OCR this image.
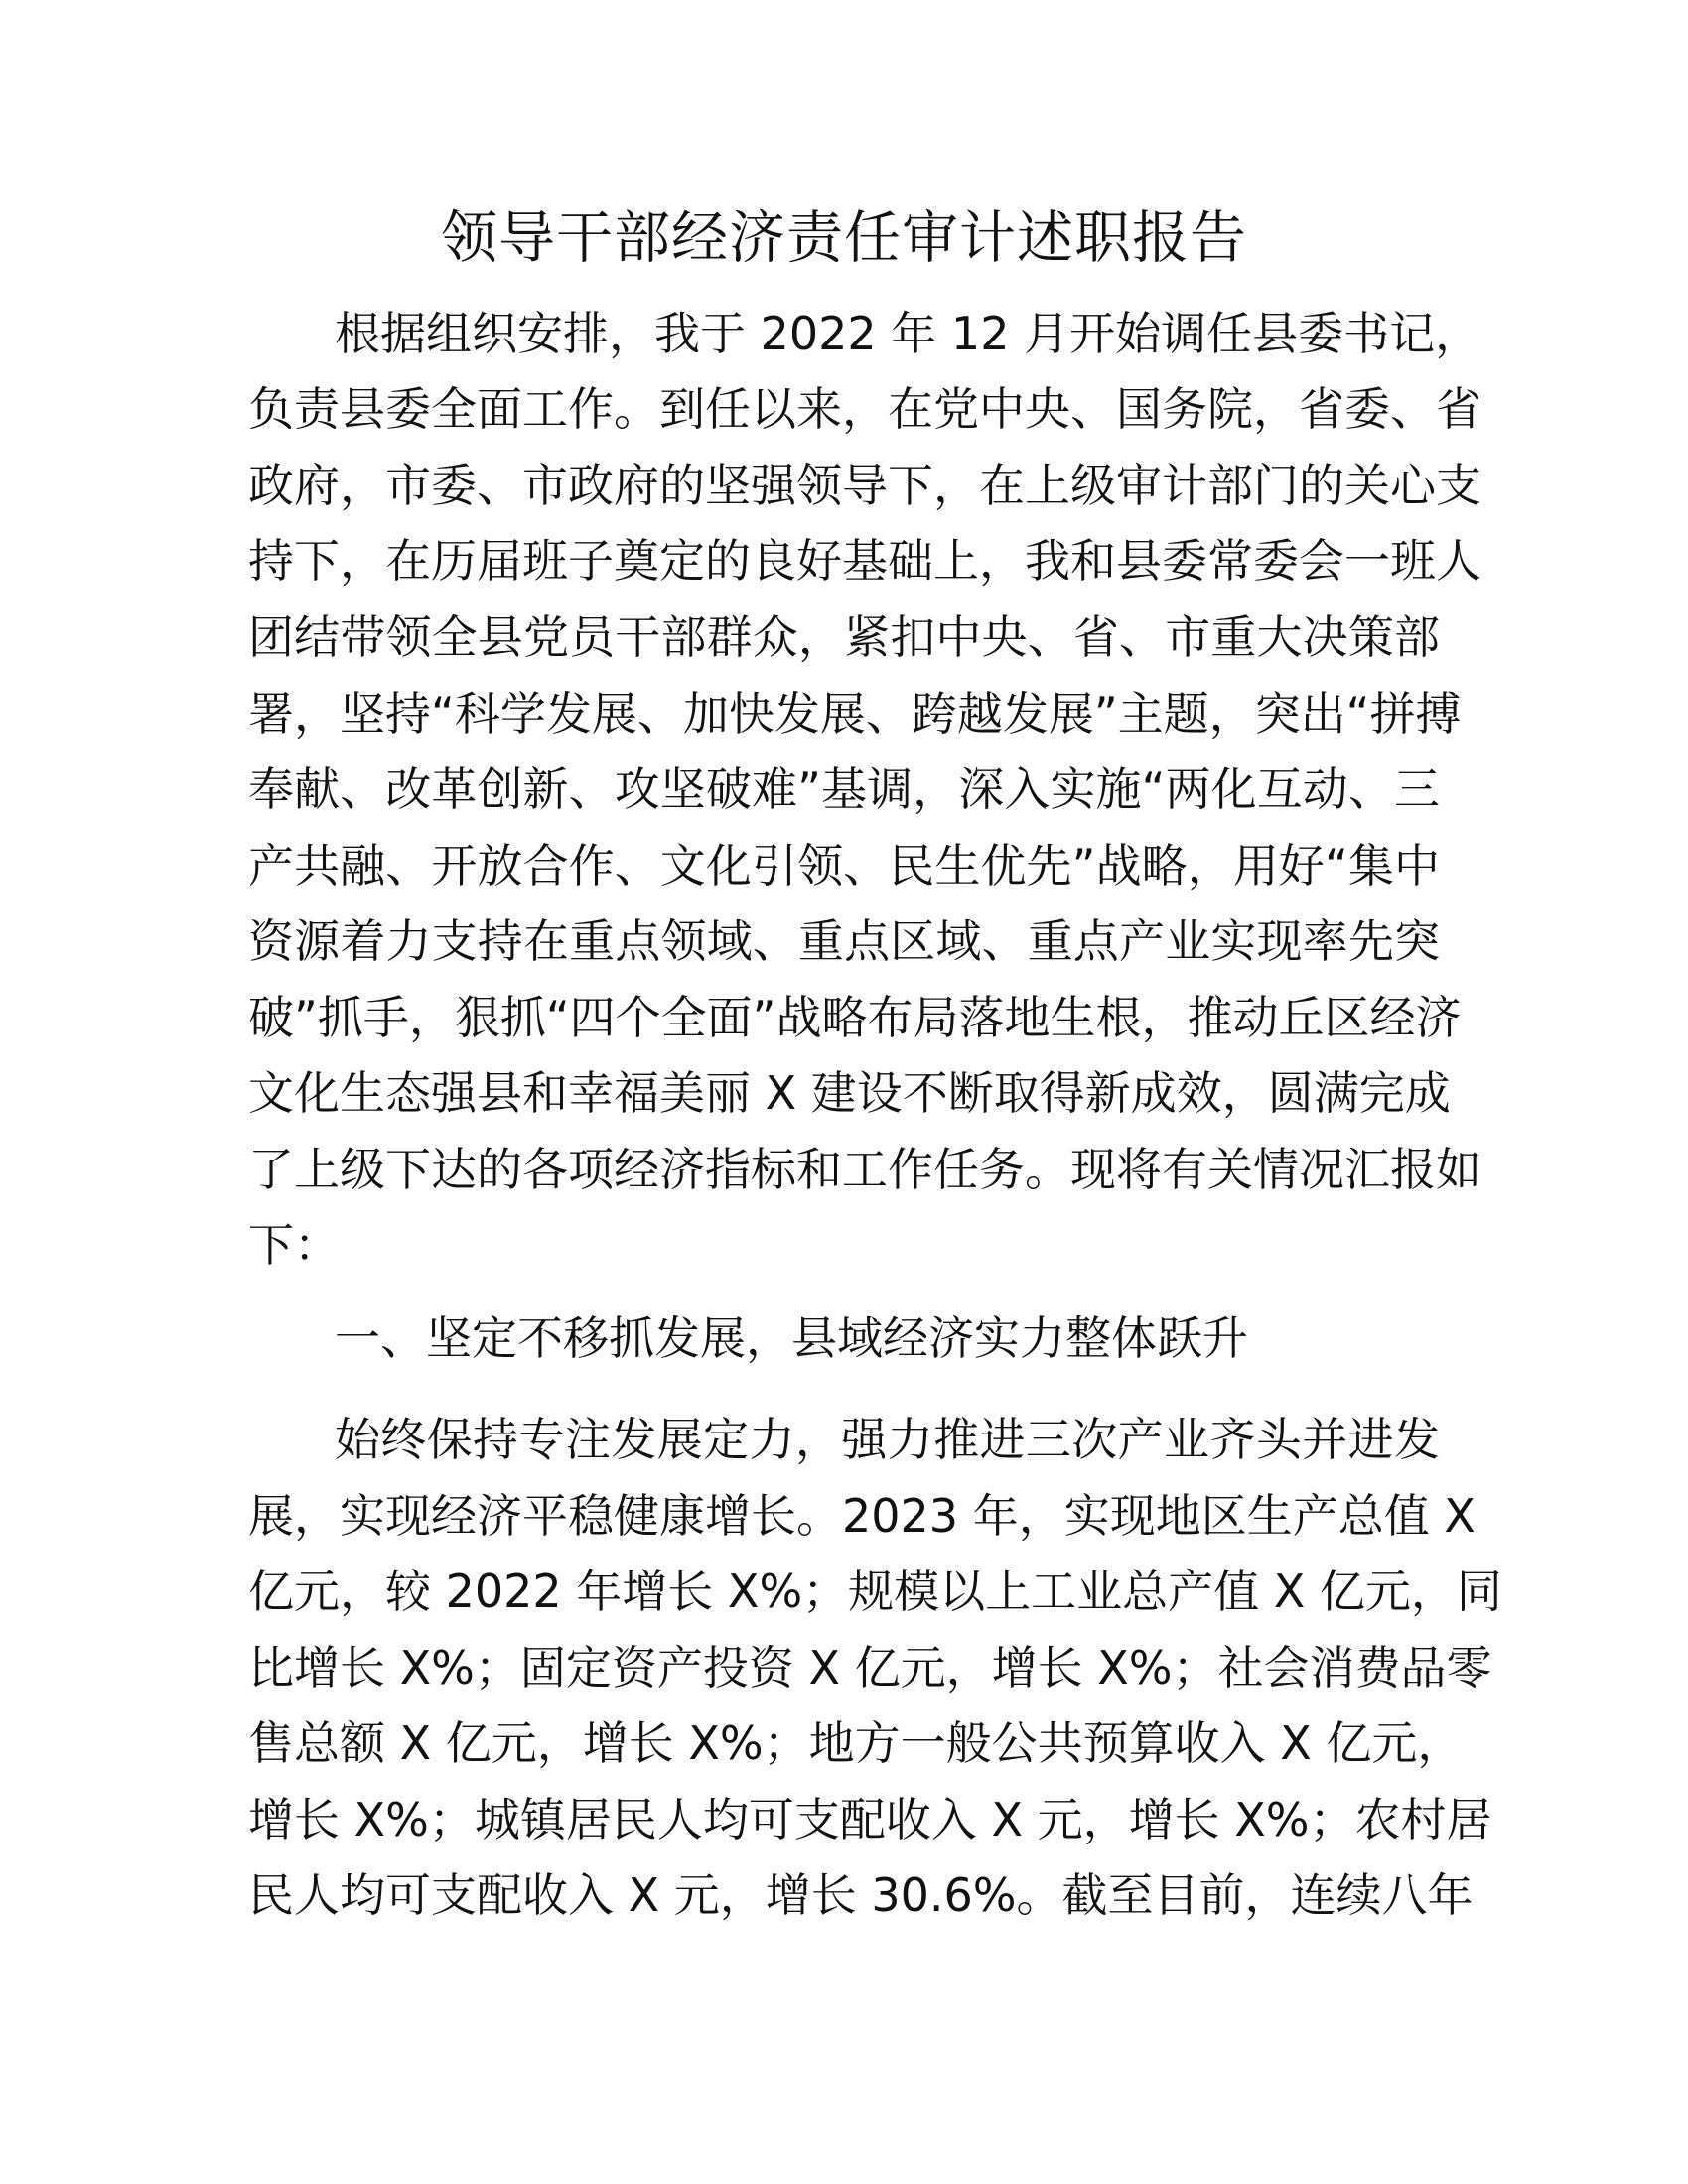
领导干部经济责任审计述职报告
根据组织安排，我于 2022 年 12 月开始调任县委书记，
负责县委全面工作。到任以来，在党中央、国务院，省委、省
政府，市委、市政府的坚强领导下，在上级审计部门的关心支
持下，在历届班子奠定的良好基础上，我和县委常委会一班人
团结带领全县党员干部群众，紧扣中央、省、市重大决策部
署，坚持“科学发展、加快发展、跨越发展”主题，突出“拼搏
奉献、改革创新、攻坚破难”基调，深入实施“两化互动、三
产共融、开放合作、文化引领、民生优先”战略，用好“集中
资源着力支持在重点领域、重点区域、重点产业实现率先突
破”抓手，狠抓“四个全面”战略布局落地生根，推动丘区经济
文化生态强县和幸福美丽 X 建设不断取得新成效，圆满完成
了上级下达的各项经济指标和工作任务。现将有关情况汇报如
下：
一、坚定不移抓发展，县域经济实力整体跃升
始终保持专注发展定力，强力推进三次产业齐头并进发
展，实现经济平稳健康增长。2023 年，实现地区生产总值 X
亿元，较 2022 年增长 X%；规模以上工业总产值 X 亿元，同
比增长 X%；固定资产投资 X 亿元，增长 X%；社会消费品零
售总额 X 亿元，增长 X%；地方一般公共预算收入 X 亿元，
增长 X%；城镇居民人均可支配收入 X 元，增长 X%；农村居
民人均可支配收入 X 元，增长 30.6%。截至目前，连续八年
